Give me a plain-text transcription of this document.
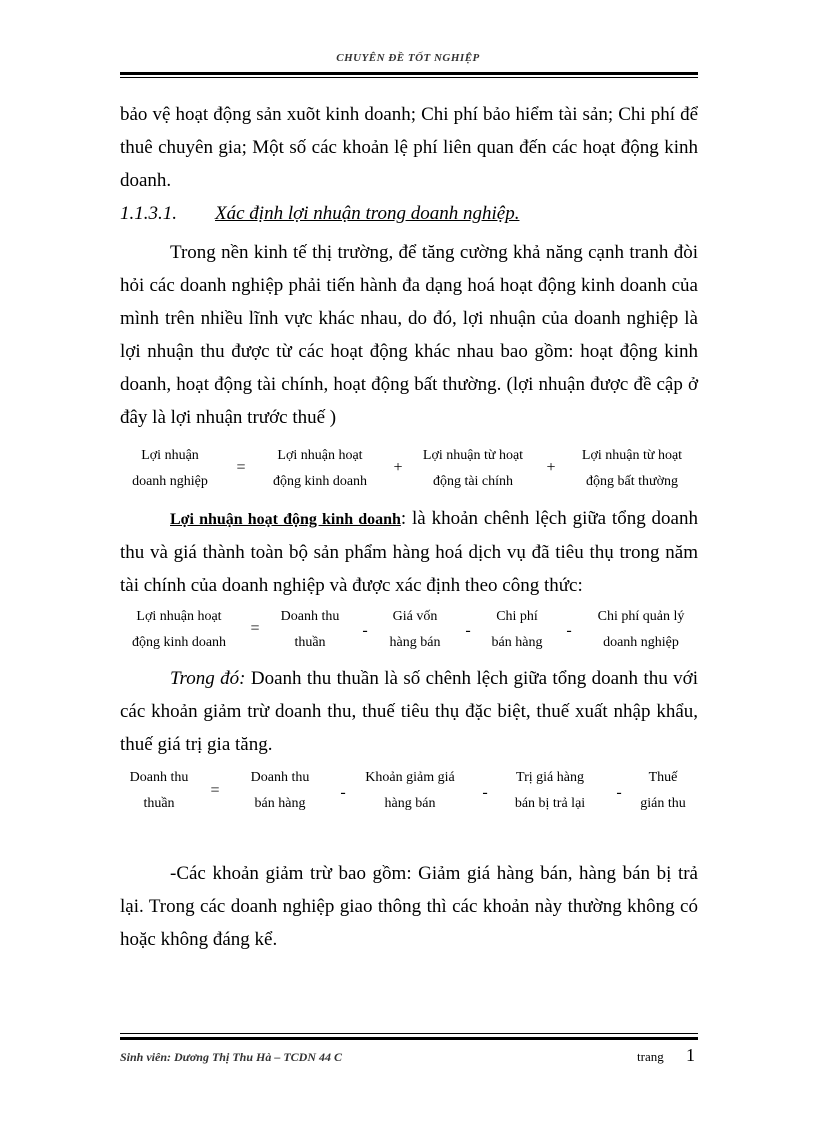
CHUYÊN ĐỀ TỐT NGHIỆP
bảo vệ hoạt động sản xuõt kinh doanh; Chi phí bảo hiểm tài sản; Chi phí để thuê chuyên gia; Một số các khoản lệ phí liên quan đến các hoạt động kinh doanh.
1.1.3.1. Xác định lợi nhuận trong doanh nghiệp.
Trong nền kinh tế thị trường, để tăng cường khả năng cạnh tranh đòi hỏi các doanh nghiệp phải tiến hành đa dạng hoá hoạt động kinh doanh của mình trên nhiều lĩnh vực khác nhau, do đó, lợi nhuận của doanh nghiệp là lợi nhuận thu được từ các hoạt động khác nhau bao gồm: hoạt động kinh doanh, hoạt động tài chính, hoạt động bất thường. (lợi nhuận được đề cập ở đây là lợi nhuận trước thuế )
Lợi nhuận
doanh nghiệp
=
Lợi nhuận hoạt
động kinh doanh
+
Lợi nhuận từ hoạt
động tài chính
+
Lợi nhuận từ hoạt
động bất thường
Lợi nhuận hoạt động kinh doanh: là khoản chênh lệch giữa tổng doanh thu và giá thành toàn bộ sản phẩm hàng hoá dịch vụ đã tiêu thụ trong năm tài chính của doanh nghiệp và được xác định theo công thức:
Lợi nhuận hoạt
động kinh doanh
=
Doanh thu
thuần
-
Giá vốn
hàng bán
-
Chi phí
bán hàng
-
Chi phí quản lý
doanh nghiệp
Trong đó: Doanh thu thuần là số chênh lệch giữa tổng doanh thu với các khoản giảm trừ doanh thu, thuế tiêu thụ đặc biệt, thuế xuất nhập khẩu, thuế giá trị gia tăng.
Doanh thu
thuần
=
Doanh thu
bán hàng
-
Khoản giảm giá
hàng bán
-
Trị giá hàng
bán bị trả lại
-
Thuế
gián thu
-Các khoản giảm trừ bao gồm: Giảm giá hàng bán, hàng bán bị trả lại. Trong các doanh nghiệp giao thông thì các khoản này thường không có hoặc không đáng kể.
Sinh viên: Dương Thị Thu Hà – TCDN 44 C	trang 1
